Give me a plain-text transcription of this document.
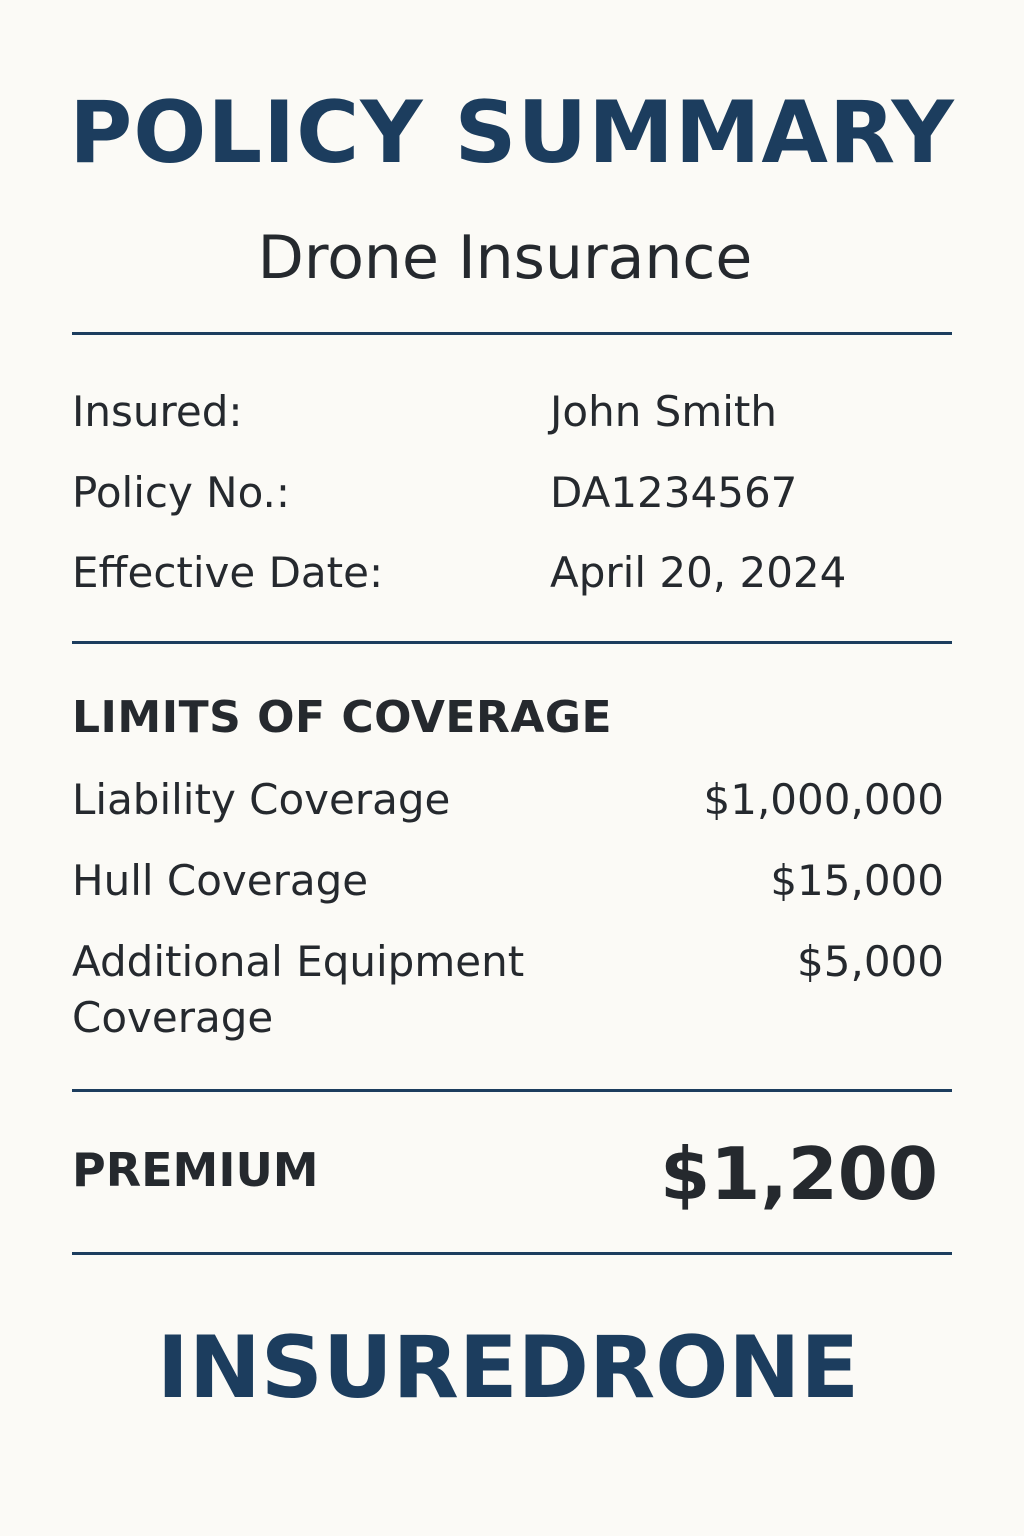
POLICY SUMMARY
Drone Insurance
Insured:	John Smith
Policy No.:	DA1234567
Effective Date:	April 20, 2024
LIMITS OF COVERAGE
Liability Coverage	$1,000,000
Hull Coverage	$15,000
Additional Equipment Coverage
$5,000
PREMIUM	$1,200
INSUREDRONE
